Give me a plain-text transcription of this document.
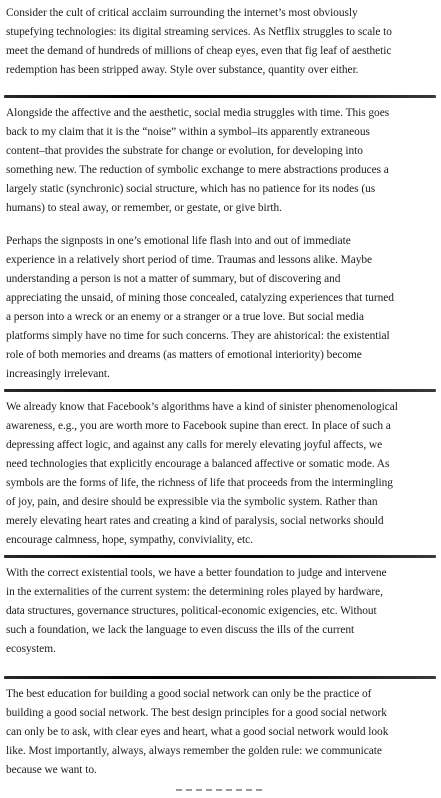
Consider the cult of critical acclaim surrounding the internet’s most obviously
stupefying technologies: its digital streaming services. As Netflix struggles to scale to
meet the demand of hundreds of millions of cheap eyes, even that fig leaf of aesthetic
redemption has been stripped away. Style over substance, quantity over either.

Alongside the affective and the aesthetic, social media struggles with time. This goes
back to my claim that it is the “noise” within a symbol–its apparently extraneous
content–that provides the substrate for change or evolution, for developing into
something new. The reduction of symbolic exchange to mere abstractions produces a
largely static (synchronic) social structure, which has no patience for its nodes (us
humans) to steal away, or remember, or gestate, or give birth.

Perhaps the signposts in one’s emotional life flash into and out of immediate
experience in a relatively short period of time. Traumas and lessons alike. Maybe
understanding a person is not a matter of summary, but of discovering and
appreciating the unsaid, of mining those concealed, catalyzing experiences that turned
a person into a wreck or an enemy or a stranger or a true love. But social media
platforms simply have no time for such concerns. They are ahistorical: the existential
role of both memories and dreams (as matters of emotional interiority) become
increasingly irrelevant.

We already know that Facebook’s algorithms have a kind of sinister phenomenological
awareness, e.g., you are worth more to Facebook supine than erect. In place of such a
depressing affect logic, and against any calls for merely elevating joyful affects, we
need technologies that explicitly encourage a balanced affective or somatic mode. As
symbols are the forms of life, the richness of life that proceeds from the intermingling
of joy, pain, and desire should be expressible via the symbolic system. Rather than
merely elevating heart rates and creating a kind of paralysis, social networks should
encourage calmness, hope, sympathy, conviviality, etc.

With the correct existential tools, we have a better foundation to judge and intervene
in the externalities of the current system: the determining roles played by hardware,
data structures, governance structures, political-economic exigencies, etc. Without
such a foundation, we lack the language to even discuss the ills of the current
ecosystem.

The best education for building a good social network can only be the practice of
building a good social network. The best design principles for a good social network
can only be to ask, with clear eyes and heart, what a good social network would look
like. Most importantly, always, always remember the golden rule: we communicate
because we want to.
